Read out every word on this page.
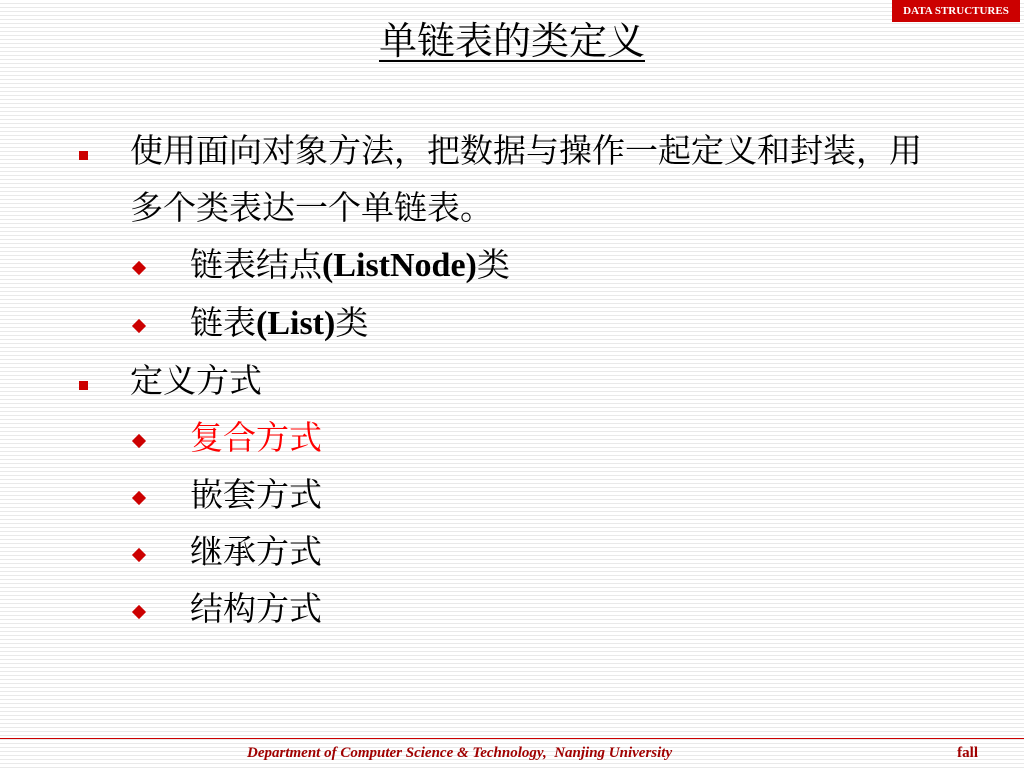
DATA STRUCTURES
单链表的类定义
使用面向对象方法，把数据与操作一起定义和封装，用多个类表达一个单链表。
链表结点(ListNode)类
链表(List)类
定义方式
复合方式
嵌套方式
继承方式
结构方式
Department of Computer Science & Technology,  Nanjing University	fall
